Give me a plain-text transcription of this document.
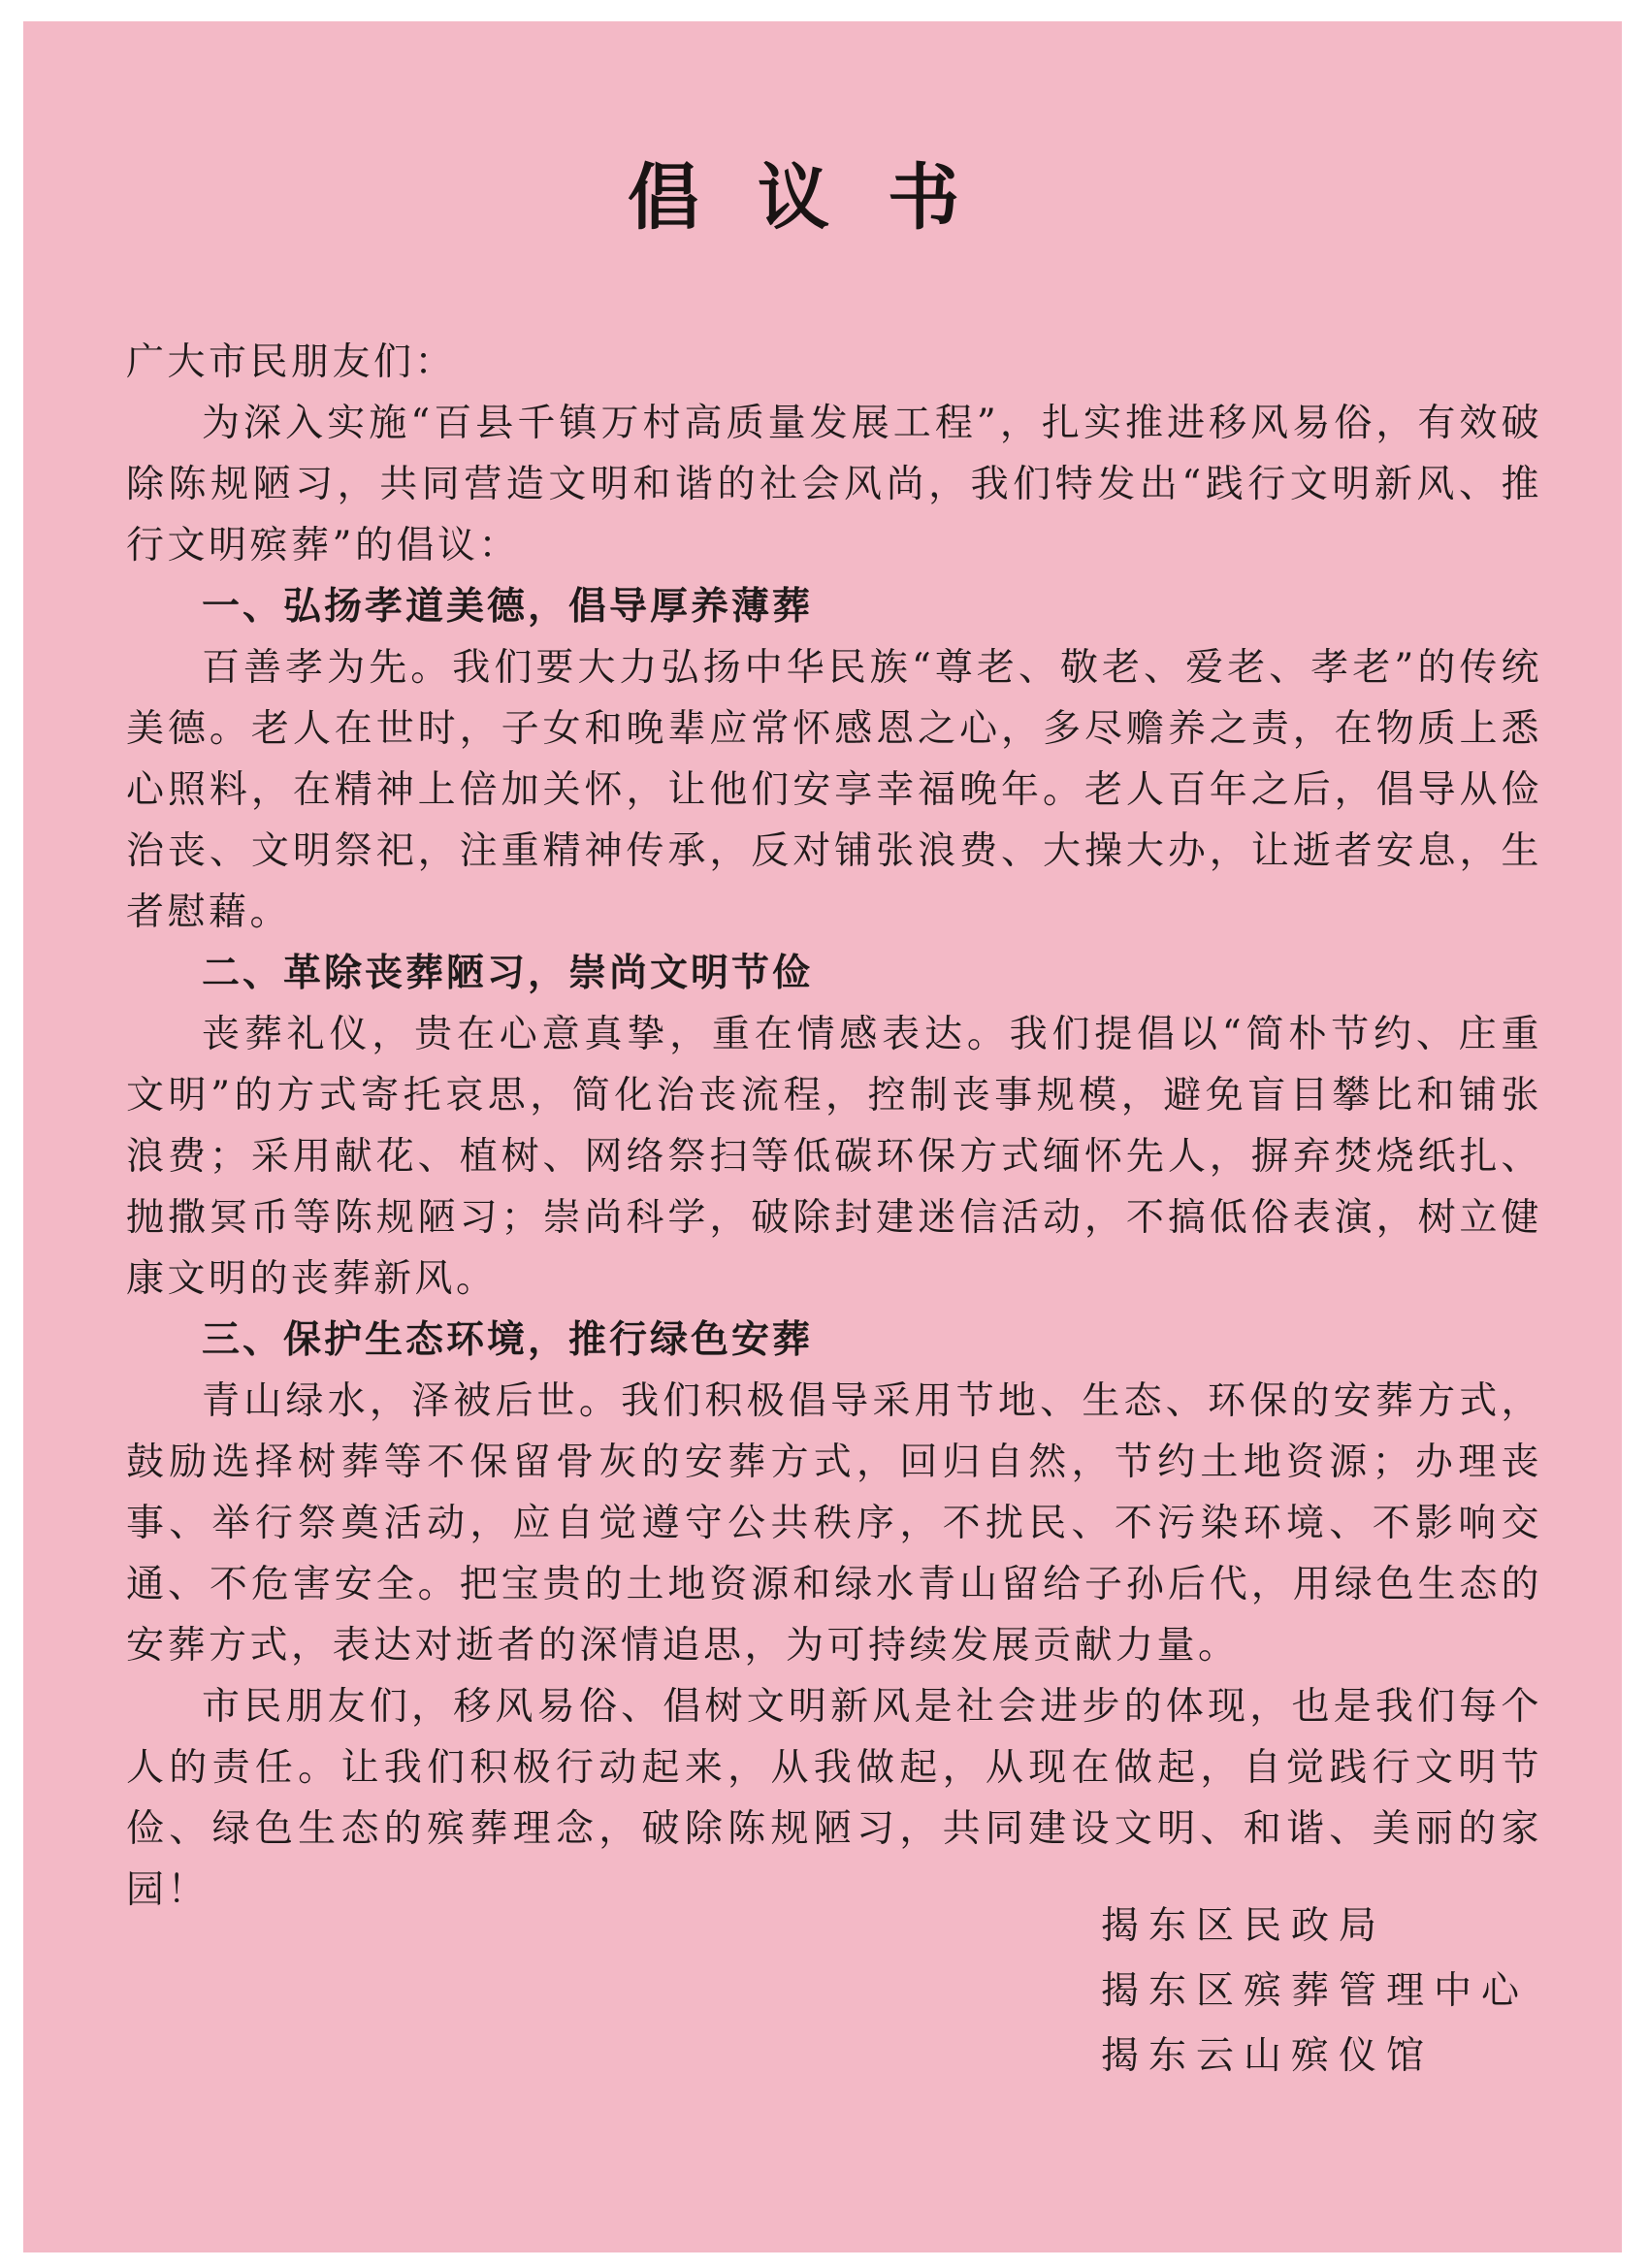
倡议书

广大市民朋友们：

为深入实施“百县千镇万村高质量发展工程”，扎实推进移风易俗，有效破除陈规陋习，共同营造文明和谐的社会风尚，我们特发出“践行文明新风、推行文明殡葬”的倡议：

一、弘扬孝道美德，倡导厚养薄葬

百善孝为先。我们要大力弘扬中华民族“尊老、敬老、爱老、孝老”的传统美德。老人在世时，子女和晚辈应常怀感恩之心，多尽赡养之责，在物质上悉心照料，在精神上倍加关怀，让他们安享幸福晚年。老人百年之后，倡导从俭治丧、文明祭祀，注重精神传承，反对铺张浪费、大操大办，让逝者安息，生者慰藉。

二、革除丧葬陋习，崇尚文明节俭

丧葬礼仪，贵在心意真挚，重在情感表达。我们提倡以“简朴节约、庄重文明”的方式寄托哀思，简化治丧流程，控制丧事规模，避免盲目攀比和铺张浪费；采用献花、植树、网络祭扫等低碳环保方式缅怀先人，摒弃焚烧纸扎、抛撒冥币等陈规陋习；崇尚科学，破除封建迷信活动，不搞低俗表演，树立健康文明的丧葬新风。

三、保护生态环境，推行绿色安葬

青山绿水，泽被后世。我们积极倡导采用节地、生态、环保的安葬方式，鼓励选择树葬等不保留骨灰的安葬方式，回归自然，节约土地资源；办理丧事、举行祭奠活动，应自觉遵守公共秩序，不扰民、不污染环境、不影响交通、不危害安全。把宝贵的土地资源和绿水青山留给子孙后代，用绿色生态的安葬方式，表达对逝者的深情追思，为可持续发展贡献力量。

市民朋友们，移风易俗、倡树文明新风是社会进步的体现，也是我们每个人的责任。让我们积极行动起来，从我做起，从现在做起，自觉践行文明节俭、绿色生态的殡葬理念，破除陈规陋习，共同建设文明、和谐、美丽的家园！

揭东区民政局
揭东区殡葬管理中心
揭东云山殡仪馆
